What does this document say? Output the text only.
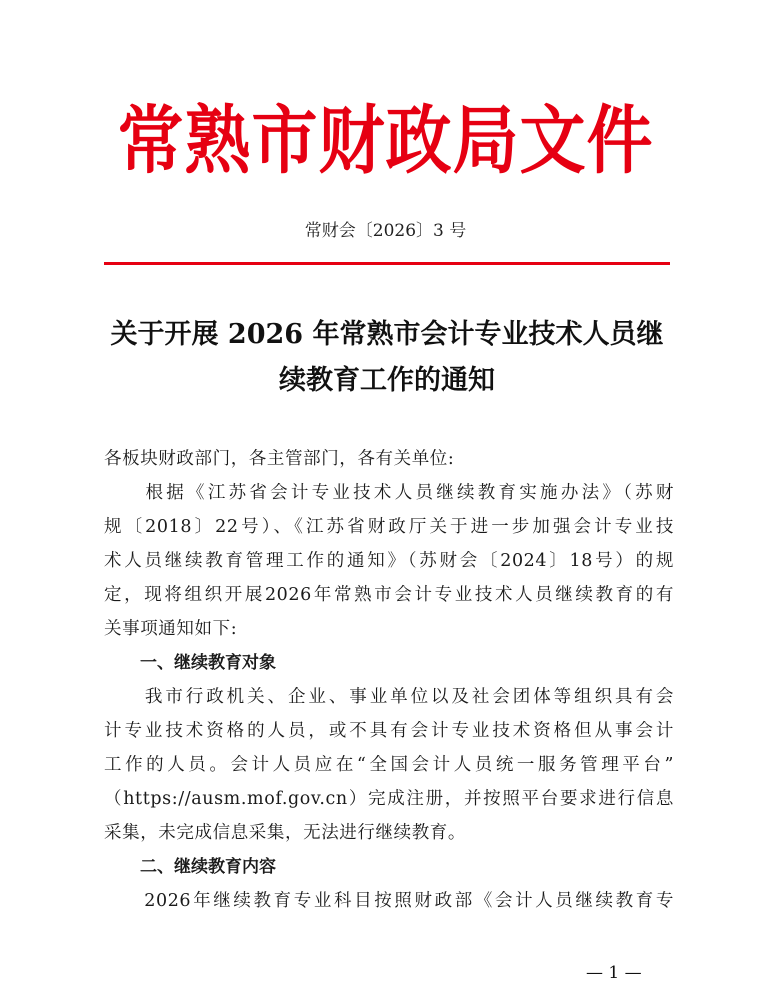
常熟市财政局文件
常财会〔2026〕3 号
关于开展 2026 年常熟市会计专业技术人员继
续教育工作的通知
各板块财政部门，各主管部门，各有关单位:
　　根据《江苏省会计专业技术人员继续教育实施办法》（苏财
规〔2018〕22号）、《江苏省财政厅关于进一步加强会计专业技
术人员继续教育管理工作的通知》（苏财会〔2024〕18号）的规
定，现将组织开展2026年常熟市会计专业技术人员继续教育的有
关事项通知如下:
一、继续教育对象
　　我市行政机关、企业、事业单位以及社会团体等组织具有会
计专业技术资格的人员，或不具有会计专业技术资格但从事会计
工作的人员。会计人员应在“全国会计人员统一服务管理平台”
（https://ausm.mof.gov.cn）完成注册，并按照平台要求进行信息
采集，未完成信息采集，无法进行继续教育。
二、继续教育内容
　　2026年继续教育专业科目按照财政部《会计人员继续教育专
— 1 —
